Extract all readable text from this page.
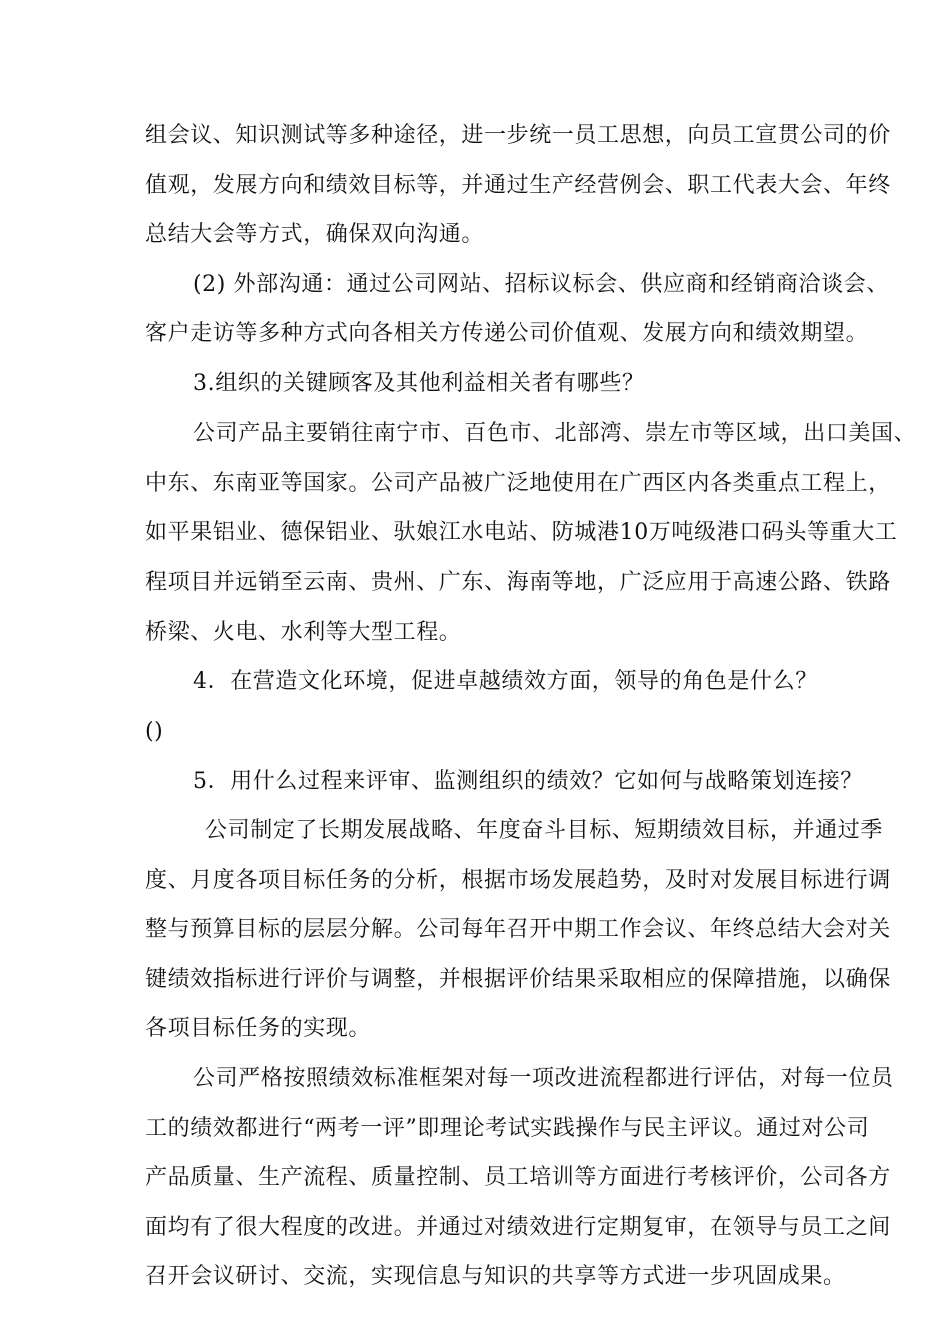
组会议、知识测试等多种途径，进一步统一员工思想，向员工宣贯公司的价
值观，发展方向和绩效目标等，并通过生产经营例会、职工代表大会、年终
总结大会等方式，确保双向沟通。
(2) 外部沟通：通过公司网站、招标议标会、供应商和经销商洽谈会、
客户走访等多种方式向各相关方传递公司价值观、发展方向和绩效期望。
3.组织的关键顾客及其他利益相关者有哪些？
公司产品主要销往南宁市、百色市、北部湾、崇左市等区域，出口美国、
中东、东南亚等国家。公司产品被广泛地使用在广西区内各类重点工程上，
如平果铝业、德保铝业、驮娘江水电站、防城港10万吨级港口码头等重大工
程项目并远销至云南、贵州、广东、海南等地，广泛应用于高速公路、铁路
桥梁、火电、水利等大型工程。
4．在营造文化环境，促进卓越绩效方面，领导的角色是什么？
()
5．用什么过程来评审、监测组织的绩效？它如何与战略策划连接？
公司制定了长期发展战略、年度奋斗目标、短期绩效目标，并通过季
度、月度各项目标任务的分析，根据市场发展趋势，及时对发展目标进行调
整与预算目标的层层分解。公司每年召开中期工作会议、年终总结大会对关
键绩效指标进行评价与调整，并根据评价结果采取相应的保障措施，以确保
各项目标任务的实现。
公司严格按照绩效标准框架对每一项改进流程都进行评估，对每一位员
工的绩效都进行“两考一评”即理论考试实践操作与民主评议。通过对公司
产品质量、生产流程、质量控制、员工培训等方面进行考核评价，公司各方
面均有了很大程度的改进。并通过对绩效进行定期复审，在领导与员工之间
召开会议研讨、交流，实现信息与知识的共享等方式进一步巩固成果。
